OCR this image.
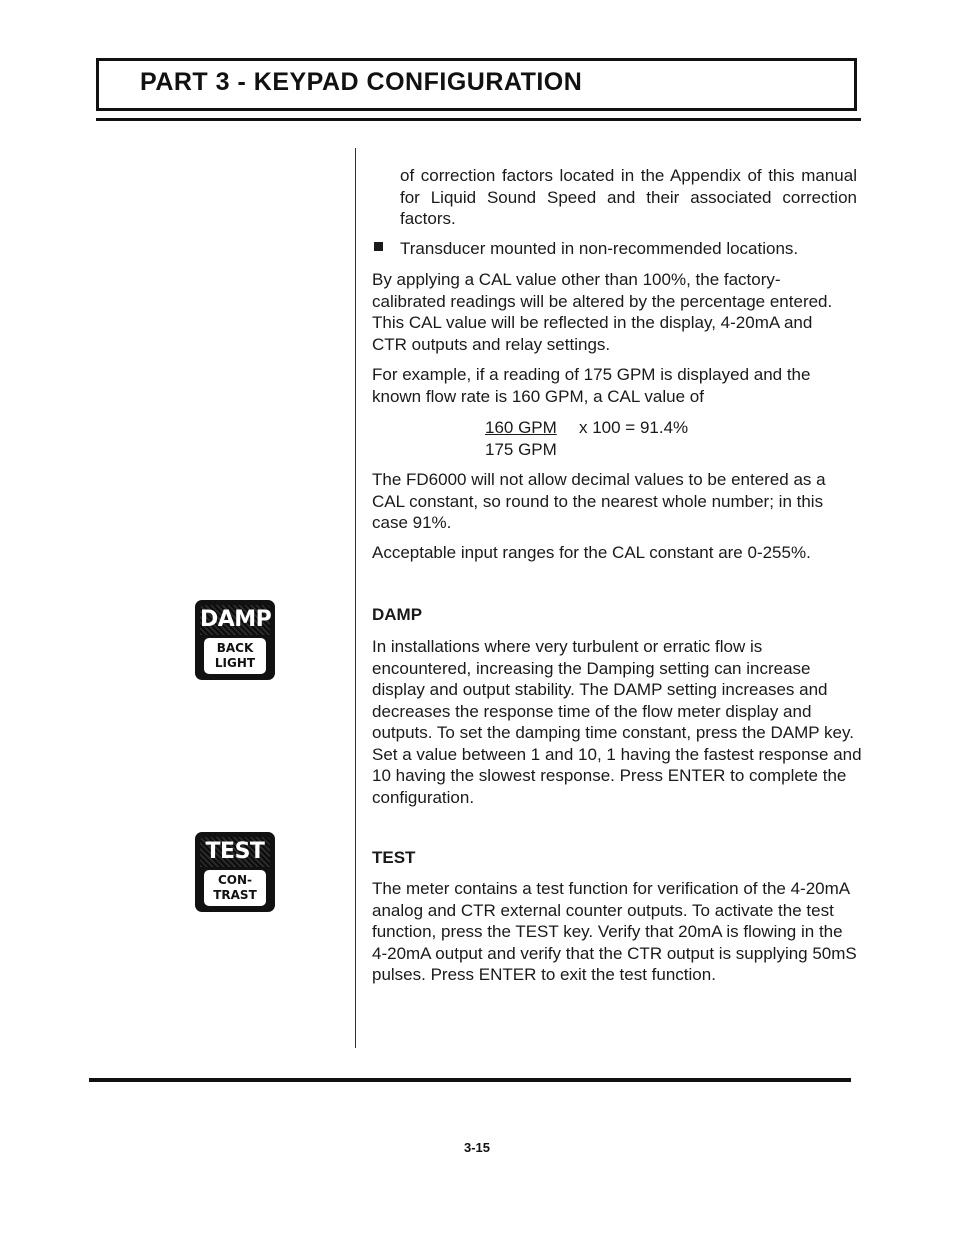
PART 3 - KEYPAD CONFIGURATION
of correction factors located in the Appendix of this manual for Liquid Sound Speed and their associated correction factors.
Transducer mounted in non-recommended locations.
By applying a CAL value other than 100%, the factory-calibrated readings will be altered by the percentage entered. This CAL value will be reflected in the display, 4-20mA and CTR outputs and relay settings.
For example, if a reading of 175 GPM is displayed and the known flow rate is 160 GPM, a CAL value of
160 GPM
175 GPM
x 100 = 91.4%
The FD6000 will not allow decimal values to be entered as a CAL constant, so round to the nearest whole number; in this case 91%.
Acceptable input ranges for the CAL constant are 0-255%.
DAMP
BACK
LIGHT
DAMP
In installations where very turbulent or erratic flow is encountered, increasing the Damping setting can increase display and output stability. The DAMP setting increases and decreases the response time of the flow meter display and outputs. To set the damping time constant, press the DAMP key. Set a value between 1 and 10, 1 having the fastest response and 10 having the slowest response. Press ENTER to complete the configuration.
TEST
CON-
TRAST
TEST
The meter contains a test function for verification of the 4-20mA analog and CTR external counter outputs. To activate the test function, press the TEST key. Verify that 20mA is flowing in the 4-20mA output and verify that the CTR output is supplying 50mS pulses. Press ENTER to exit the test function.
3-15
